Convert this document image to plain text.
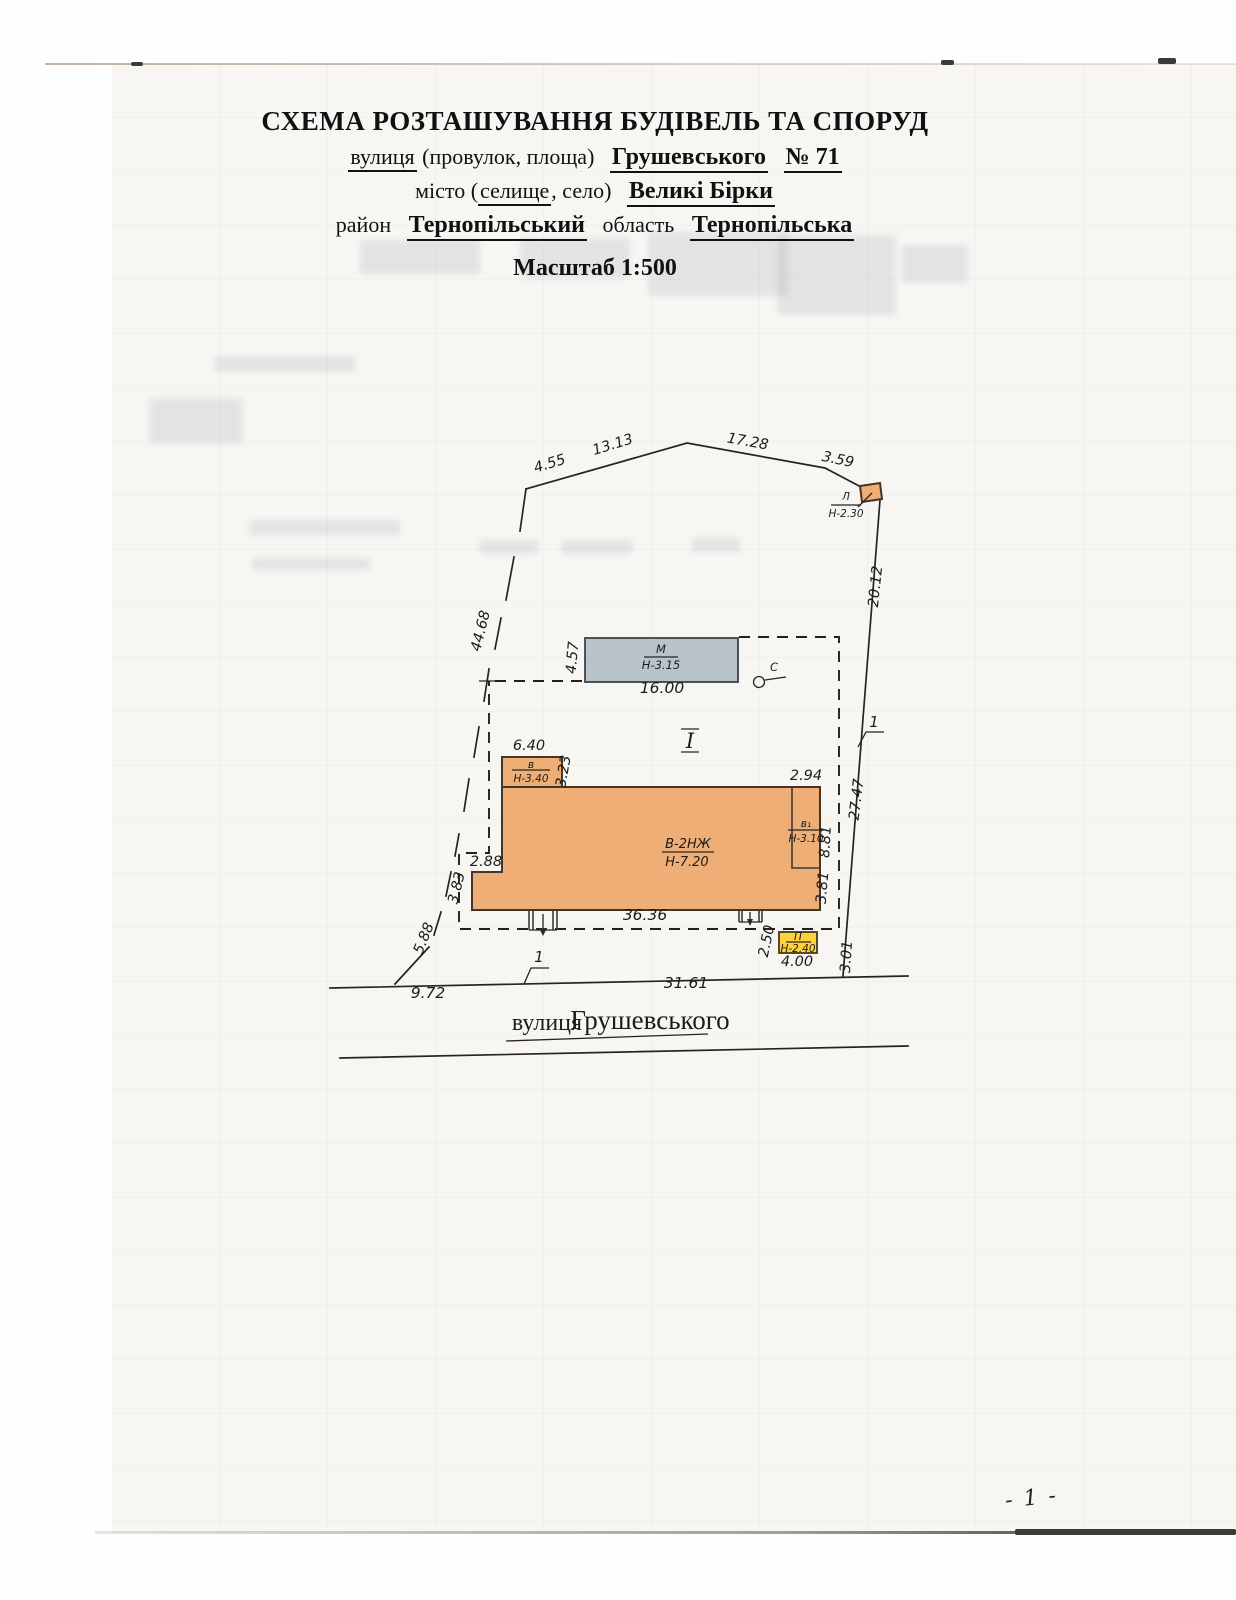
СХЕМА РОЗТАШУВАННЯ БУДІВЕЛЬ ТА СПОРУД
вулиця (провулок, площа) Грушевського № 71
місто (селище, село) Великі Бірки
район Тернопільський область Тернопільська
Масштаб 1:500
М
Н-3.15	С
В-2НЖ
Н-7.20
в₁
Н-3.10
в
Н-3.40
Л
Н-2.30
П
Н-2.40
1
1
І
4.55
13.13	17.28
3.59
20.12
27.47
3.01
44.68
5.88
9.72
31.61
36.36
8.81
3.81
2.88
3.83
6.40
3.23	2.94
16.00
4.57
4.00
2.50
вулиця
Грушевського
- 1 -
